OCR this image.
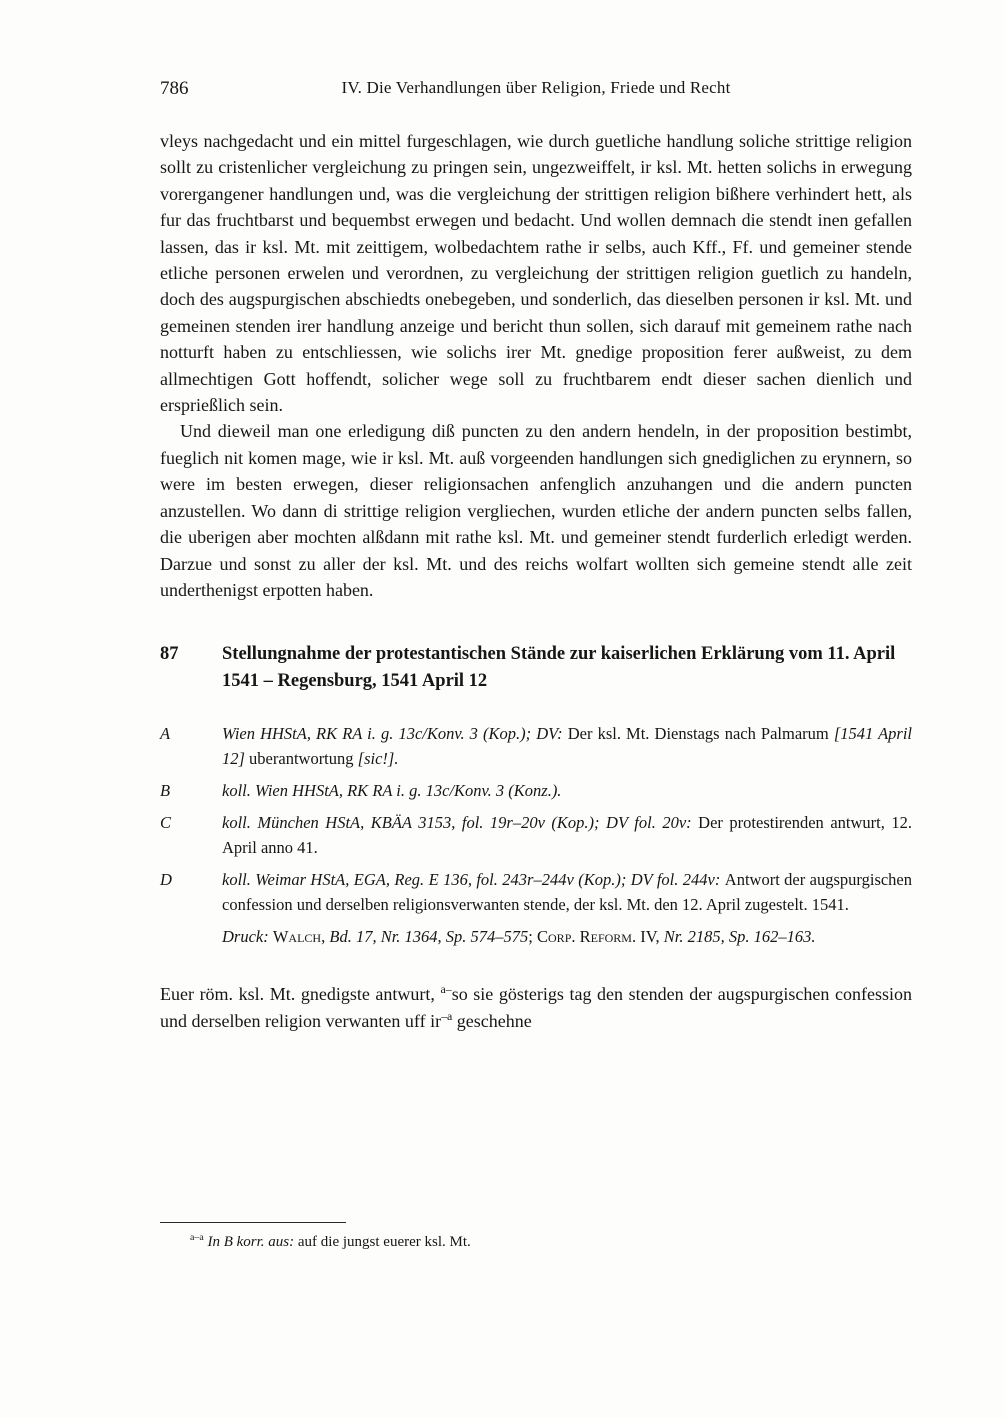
786	IV. Die Verhandlungen über Religion, Friede und Recht

vleys nachgedacht und ein mittel furgeschlagen, wie durch guetliche handlung soliche strittige religion sollt zu cristenlicher vergleichung zu pringen sein, ungezweiffelt, ir ksl. Mt. hetten solichs in erwegung vorergangener handlungen und, was die vergleichung der strittigen religion bißhere verhindert hett, als fur das fruchtbarst und bequembst erwegen und bedacht. Und wollen demnach die stendt inen gefallen lassen, das ir ksl. Mt. mit zeittigem, wolbedachtem rathe ir selbs, auch Kff., Ff. und gemeiner stende etliche personen erwelen und verordnen, zu vergleichung der strittigen religion guetlich zu handeln, doch des augspurgischen abschiedts onebegeben, und sonderlich, das dieselben personen ir ksl. Mt. und gemeinen stenden irer handlung anzeige und bericht thun sollen, sich darauf mit gemeinem rathe nach notturft haben zu entschliessen, wie solichs irer Mt. gnedige proposition ferer außweist, zu dem allmechtigen Gott hoffendt, solicher wege soll zu fruchtbarem endt dieser sachen dienlich und ersprießlich sein.

Und dieweil man one erledigung diß puncten zu den andern hendeln, in der proposition bestimbt, fueglich nit komen mage, wie ir ksl. Mt. auß vorgeenden handlungen sich gnediglichen zu erynnern, so were im besten erwegen, dieser religionsachen anfenglich anzuhangen und die andern puncten anzustellen. Wo dann di strittige religion vergliechen, wurden etliche der andern puncten selbs fallen, die uberigen aber mochten alßdann mit rathe ksl. Mt. und gemeiner stendt furderlich erledigt werden. Darzue und sonst zu aller der ksl. Mt. und des reichs wolfart wollten sich gemeine stendt alle zeit underthenigst erpotten haben.

87	Stellungnahme der protestantischen Stände zur kaiserlichen Erklärung vom 11. April 1541 – Regensburg, 1541 April 12
A	Wien HHStA, RK RA i. g. 13c/Konv. 3 (Kop.); DV: Der ksl. Mt. Dienstags nach Palmarum [1541 April 12] uberantwortung [sic!].
B	koll. Wien HHStA, RK RA i. g. 13c/Konv. 3 (Konz.).
C	koll. München HStA, KBÄA 3153, fol. 19r–20v (Kop.); DV fol. 20v: Der protestirenden antwurt, 12. April anno 41.
D	koll. Weimar HStA, EGA, Reg. E 136, fol. 243r–244v (Kop.); DV fol. 244v: Antwort der augspurgischen confession und derselben religionsverwanten stende, der ksl. Mt. den 12. April zugestelt. 1541.

Druck: Walch, Bd. 17, Nr. 1364, Sp. 574–575; Corp. Reform. IV, Nr. 2185, Sp. 162–163.

Euer röm. ksl. Mt. gnedigste antwurt, $^{a-}$so sie gösterigs tag den stenden der augspurgischen confession und derselben religion verwanten uff $ir^{-a}$ geschehne

$^{a-a}$ In B korr. aus: auf die jungst euerer ksl. Mt.
